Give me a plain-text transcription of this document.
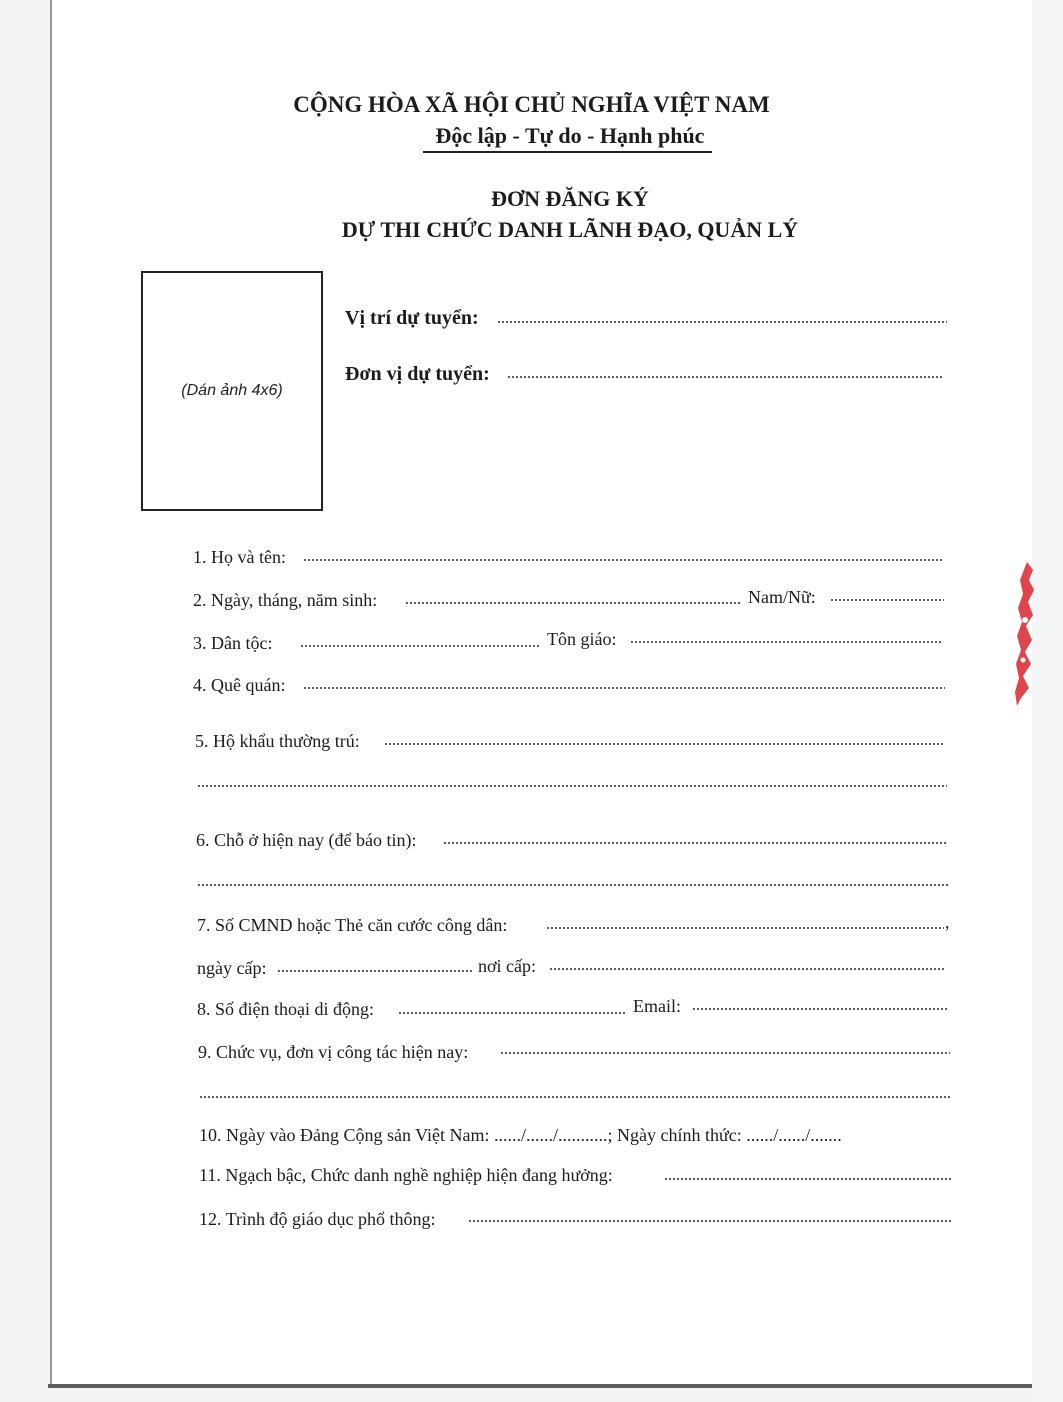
CỘNG HÒA XÃ HỘI CHỦ NGHĨA VIỆT NAM
Độc lập - Tự do - Hạnh phúc
ĐƠN ĐĂNG KÝ
DỰ THI CHỨC DANH LÃNH ĐẠO, QUẢN LÝ
(Dán ảnh 4x6)
Vị trí dự tuyển:
Đơn vị dự tuyển:
1. Họ và tên:
2. Ngày, tháng, năm sinh:	Nam/Nữ:
3. Dân tộc:	Tôn giáo:
4. Quê quán:
5. Hộ khẩu thường trú:
6. Chỗ ở hiện nay (để báo tin):
7. Số CMND hoặc Thẻ căn cước công dân:	,
ngày cấp:	nơi cấp:
8. Số điện thoại di động:	Email:
9. Chức vụ, đơn vị công tác hiện nay:
10. Ngày vào Đảng Cộng sản Việt Nam: ....../....../...........; Ngày chính thức: ....../....../.......
11. Ngạch bậc, Chức danh nghề nghiệp hiện đang hưởng:
12. Trình độ giáo dục phổ thông:
